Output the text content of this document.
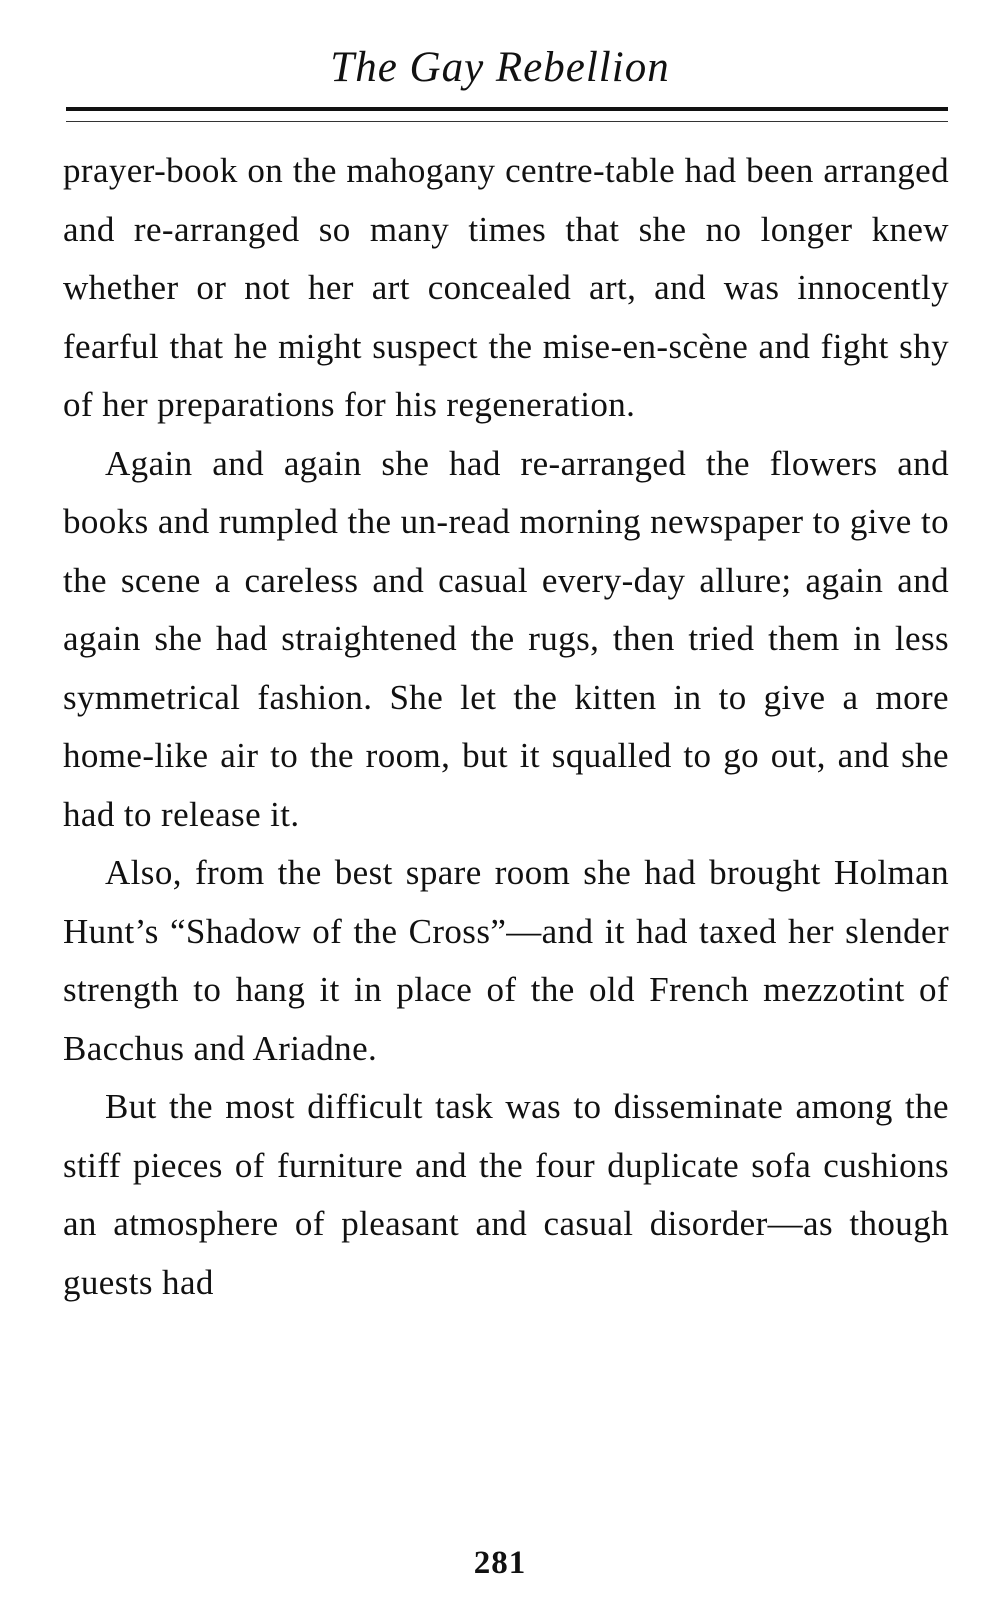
The Gay Rebellion

prayer-book on the mahogany centre-table had been arranged and re-arranged so many times that she no longer knew whether or not her art concealed art, and was innocently fearful that he might suspect the mise-en-scène and fight shy of her preparations for his regeneration.

Again and again she had re-arranged the flowers and books and rumpled the un-read morning newspaper to give to the scene a careless and casual every-day allure; again and again she had straightened the rugs, then tried them in less symmetrical fashion. She let the kitten in to give a more home-like air to the room, but it squalled to go out, and she had to release it.

Also, from the best spare room she had brought Holman Hunt’s “Shadow of the Cross”—and it had taxed her slender strength to hang it in place of the old French mezzotint of Bacchus and Ariadne.

But the most difficult task was to disseminate among the stiff pieces of furniture and the four duplicate sofa cushions an atmosphere of pleasant and casual disorder—as though guests had

281
